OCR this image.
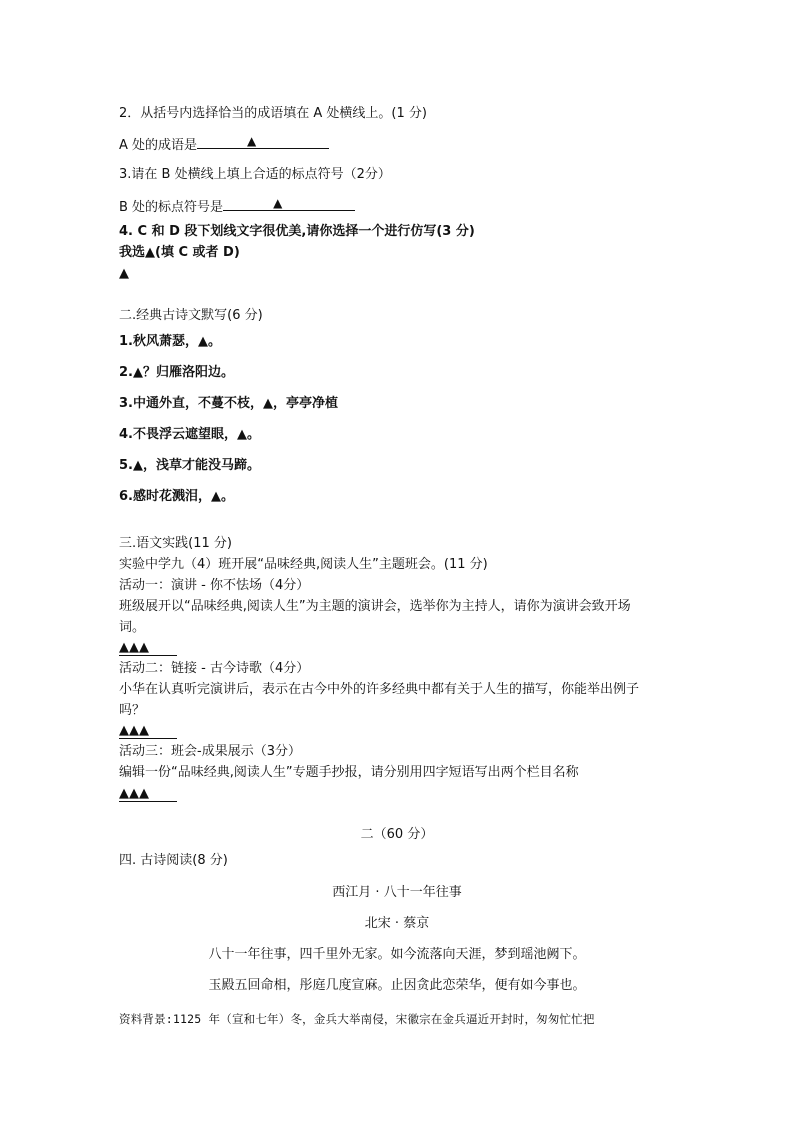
2．从括号内选择恰当的成语填在 A 处横线上。(1 分)
A 处的成语是	▲
3.请在 B 处横线上填上合适的标点符号（2分）
B 处的标点符号是	▲
4. C 和 D 段下划线文字很优美,请你选择一个进行仿写(3 分)
我选▲(填 C 或者 D)
▲
二.经典古诗文默写(6 分)
1.秋风萧瑟，▲。
2.▲？归雁洛阳边。
3.中通外直，不蔓不枝，▲，亭亭净植
4.不畏浮云遮望眼，▲。
5.▲，浅草才能没马蹄。
6.感时花溅泪，▲。
三.语文实践(11 分)
实验中学九（4）班开展“品味经典,阅读人生”主题班会。(11 分)
活动一：演讲 - 你不怯场（4分）
班级展开以“品味经典,阅读人生”为主题的演讲会，选举你为主持人，请你为演讲会致开场
词。
▲▲▲
活动二：链接 - 古今诗歌（4分）
小华在认真听完演讲后，表示在古今中外的许多经典中都有关于人生的描写，你能举出例子
吗？
▲▲▲
活动三：班会-成果展示（3分）
编辑一份“品味经典,阅读人生”专题手抄报，请分别用四字短语写出两个栏目名称
▲▲▲
二（60 分）
四. 古诗阅读(8 分)
西江月 · 八十一年往事
北宋 · 蔡京
八十一年往事，四千里外无家。如今流落向天涯，梦到瑶池阙下。
玉殿五回命相，彤庭几度宣麻。止因贪此恋荣华，便有如今事也。
资料背景:1125 年（宣和七年）冬，金兵大举南侵，宋徽宗在金兵逼近开封时，匆匆忙忙把
